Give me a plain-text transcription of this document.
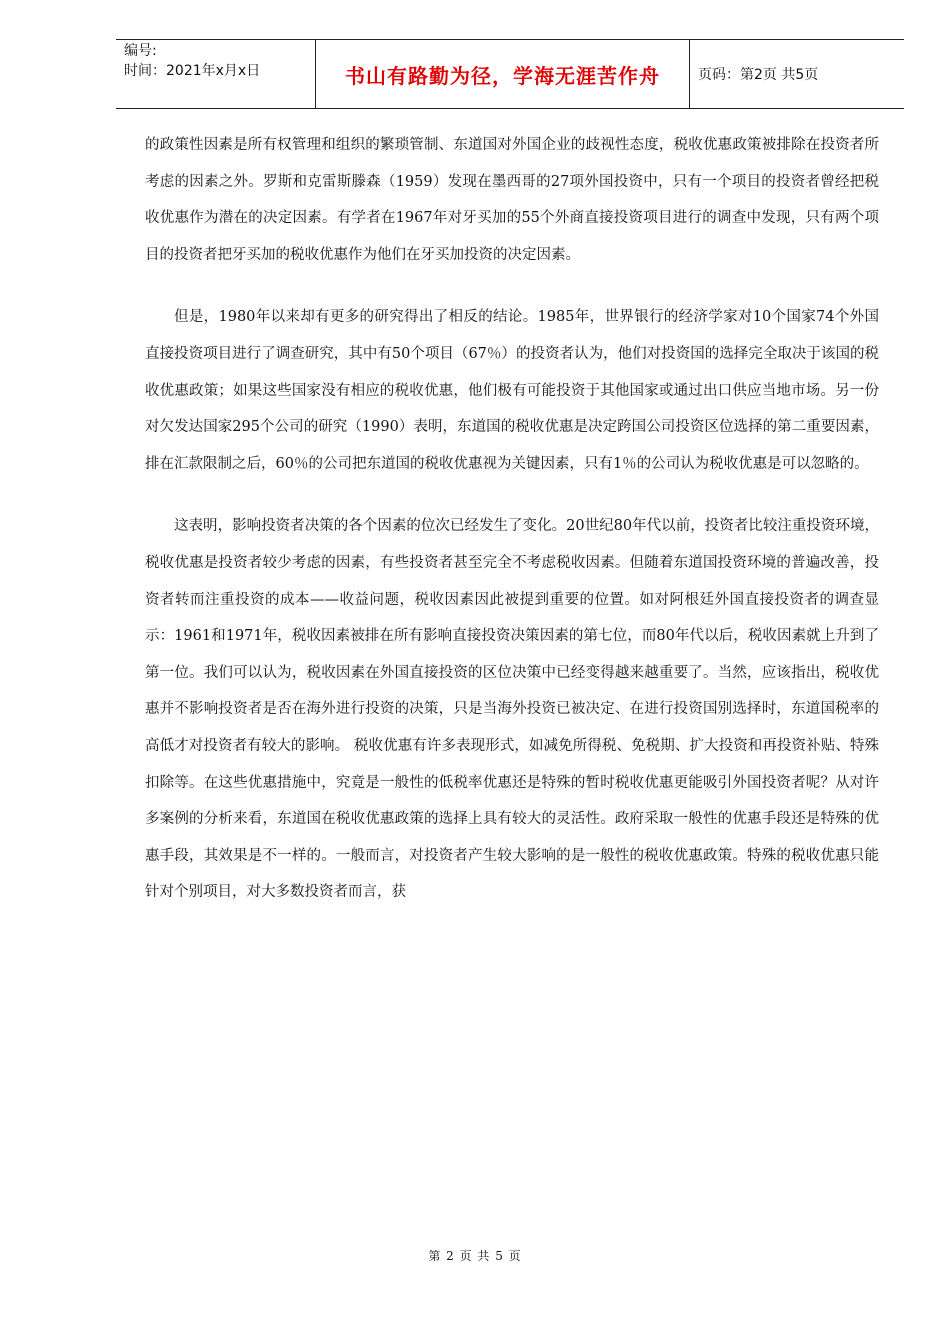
编号:
时间：2021年x月x日	书山有路勤为径，学海无涯苦作舟	页码：第2页 共5页

的政策性因素是所有权管理和组织的繁琐管制、东道国对外国企业的歧视性态度，税收优惠政策被排除在投资者所考虑的因素之外。罗斯和克雷斯滕森（1959）发现在墨西哥的27项外国投资中，只有一个项目的投资者曾经把税收优惠作为潜在的决定因素。有学者在1967年对牙买加的55个外商直接投资项目进行的调查中发现，只有两个项目的投资者把牙买加的税收优惠作为他们在牙买加投资的决定因素。

但是，1980年以来却有更多的研究得出了相反的结论。1985年，世界银行的经济学家对10个国家74个外国直接投资项目进行了调查研究，其中有50个项目（67％）的投资者认为，他们对投资国的选择完全取决于该国的税收优惠政策；如果这些国家没有相应的税收优惠，他们极有可能投资于其他国家或通过出口供应当地市场。另一份对欠发达国家295个公司的研究（1990）表明，东道国的税收优惠是决定跨国公司投资区位选择的第二重要因素，排在汇款限制之后，60％的公司把东道国的税收优惠视为关键因素，只有1％的公司认为税收优惠是可以忽略的。

这表明，影响投资者决策的各个因素的位次已经发生了变化。20世纪80年代以前，投资者比较注重投资环境，税收优惠是投资者较少考虑的因素，有些投资者甚至完全不考虑税收因素。但随着东道国投资环境的普遍改善，投资者转而注重投资的成本——收益问题，税收因素因此被提到重要的位置。如对阿根廷外国直接投资者的调查显示：1961和1971年，税收因素被排在所有影响直接投资决策因素的第七位，而80年代以后，税收因素就上升到了第一位。我们可以认为，税收因素在外国直接投资的区位决策中已经变得越来越重要了。当然，应该指出，税收优惠并不影响投资者是否在海外进行投资的决策，只是当海外投资已被决定、在进行投资国别选择时，东道国税率的高低才对投资者有较大的影响。 税收优惠有许多表现形式，如减免所得税、免税期、扩大投资和再投资补贴、特殊扣除等。在这些优惠措施中，究竟是一般性的低税率优惠还是特殊的暂时税收优惠更能吸引外国投资者呢？从对许多案例的分析来看，东道国在税收优惠政策的选择上具有较大的灵活性。政府采取一般性的优惠手段还是特殊的优惠手段，其效果是不一样的。一般而言，对投资者产生较大影响的是一般性的税收优惠政策。特殊的税收优惠只能针对个别项目，对大多数投资者而言，获

第 2 页 共 5 页
